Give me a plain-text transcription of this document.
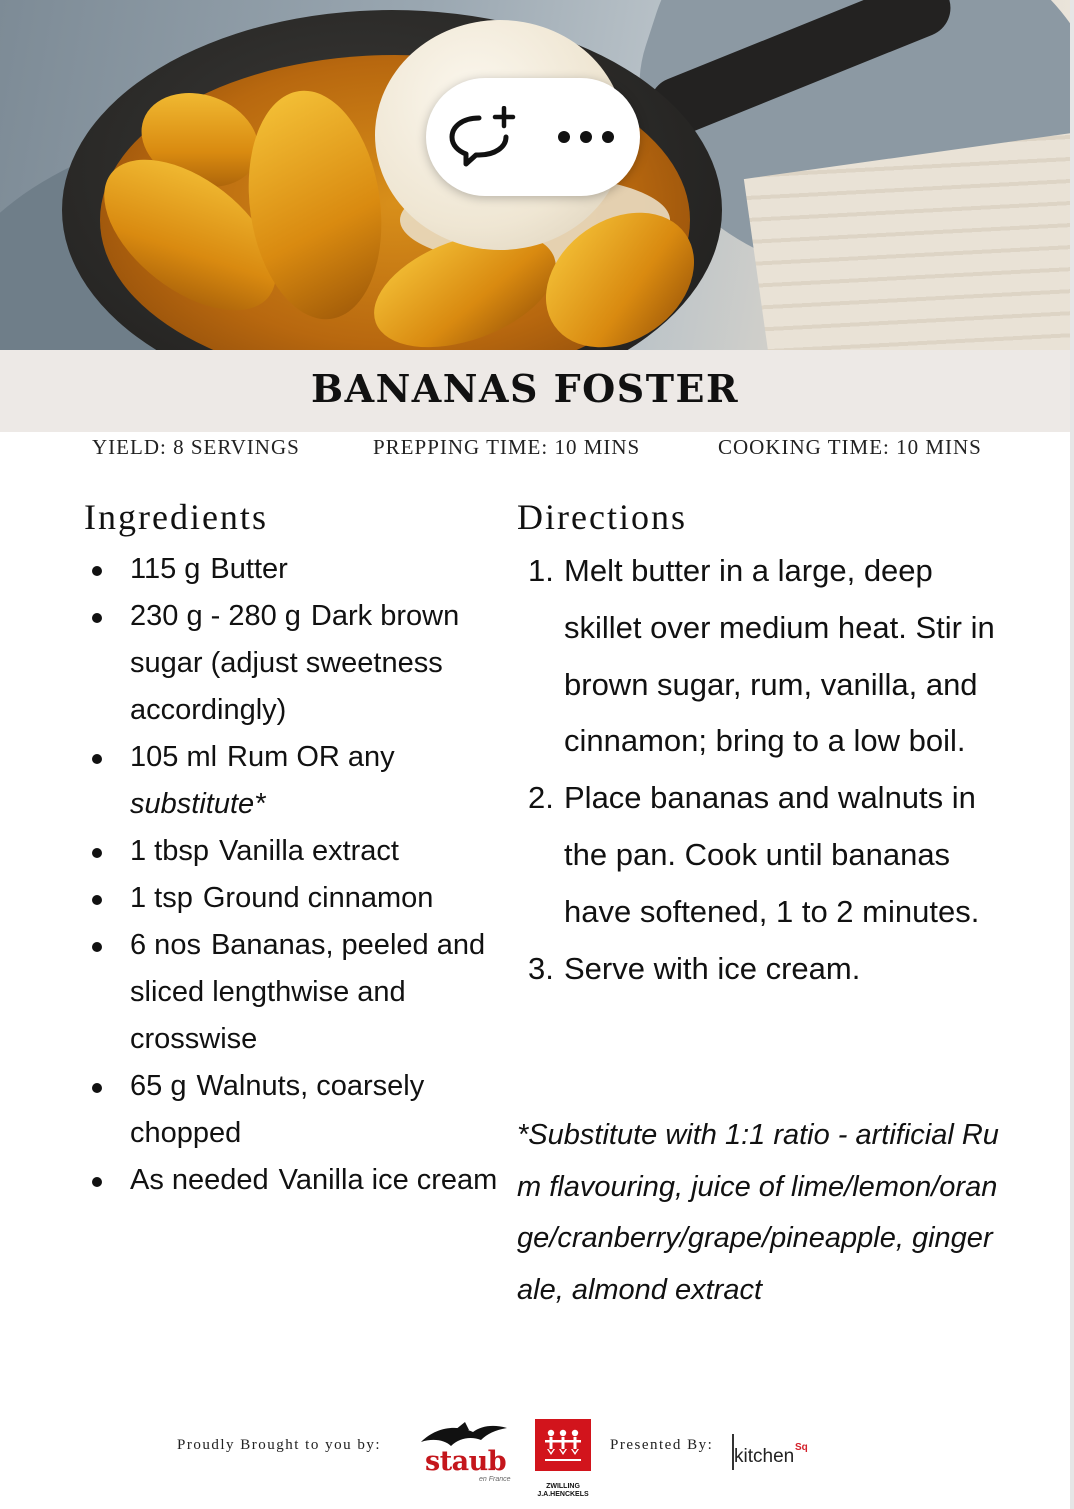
BANANAS FOSTER
YIELD: 8 SERVINGS	PREPPING TIME: 10 MINS	COOKING TIME: 10 MINS
Ingredients	Directions
115 g Butter
230 g - 280 g Dark brown sugar (adjust sweetness accordingly)
105 ml Rum OR any substitute*
1 tbsp Vanilla extract
1 tsp Ground cinnamon
6 nos Bananas, peeled and sliced lengthwise and crosswise
65 g Walnuts, coarsely chopped
As needed Vanilla ice cream
1. Melt butter in a large, deep skillet over medium heat. Stir in brown sugar, rum, vanilla, and cinnamon; bring to a low boil.
2. Place bananas and walnuts in the pan. Cook until bananas have softened, 1 to 2 minutes.
3. Serve with ice cream.

*Substitute with 1:1 ratio - artificial Rum flavouring, juice of lime/lemon/orange/cranberry/grape/pineapple, ginger ale, almond extract

Proudly Brought to you by:
staub
en France
ZWILLING J.A.HENCKELS
Presented By:
kitchen Sq
